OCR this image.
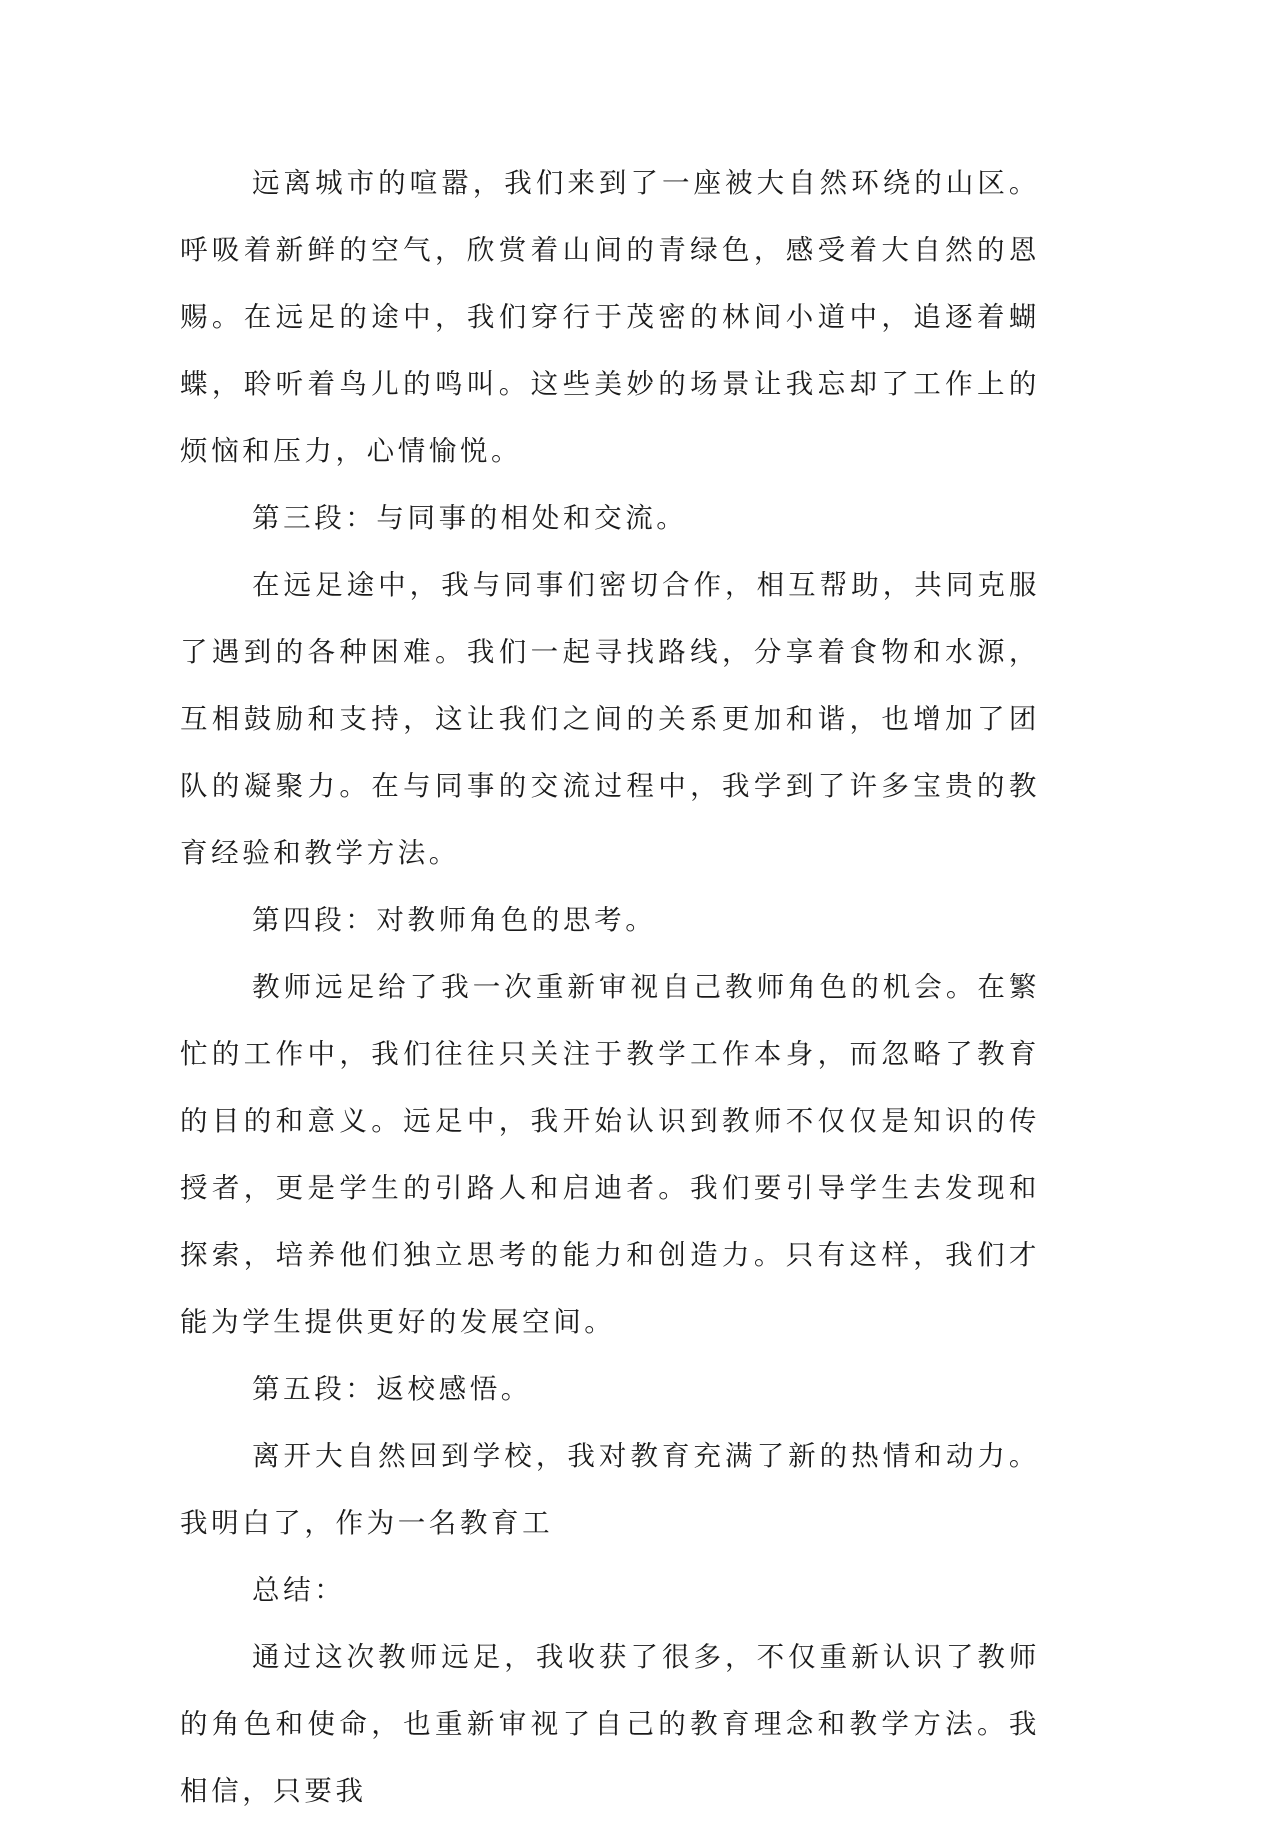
远离城市的喧嚣，我们来到了一座被大自然环绕的山区。呼吸着新鲜的空气，欣赏着山间的青绿色，感受着大自然的恩赐。在远足的途中，我们穿行于茂密的林间小道中，追逐着蝴蝶，聆听着鸟儿的鸣叫。这些美妙的场景让我忘却了工作上的烦恼和压力，心情愉悦。

第三段：与同事的相处和交流。

在远足途中，我与同事们密切合作，相互帮助，共同克服了遇到的各种困难。我们一起寻找路线，分享着食物和水源，互相鼓励和支持，这让我们之间的关系更加和谐，也增加了团队的凝聚力。在与同事的交流过程中，我学到了许多宝贵的教育经验和教学方法。

第四段：对教师角色的思考。

教师远足给了我一次重新审视自己教师角色的机会。在繁忙的工作中，我们往往只关注于教学工作本身，而忽略了教育的目的和意义。远足中，我开始认识到教师不仅仅是知识的传授者，更是学生的引路人和启迪者。我们要引导学生去发现和探索，培养他们独立思考的能力和创造力。只有这样，我们才能为学生提供更好的发展空间。

第五段：返校感悟。

离开大自然回到学校，我对教育充满了新的热情和动力。我明白了，作为一名教育工

总结：

通过这次教师远足，我收获了很多，不仅重新认识了教师的角色和使命，也重新审视了自己的教育理念和教学方法。我相信，只要我
